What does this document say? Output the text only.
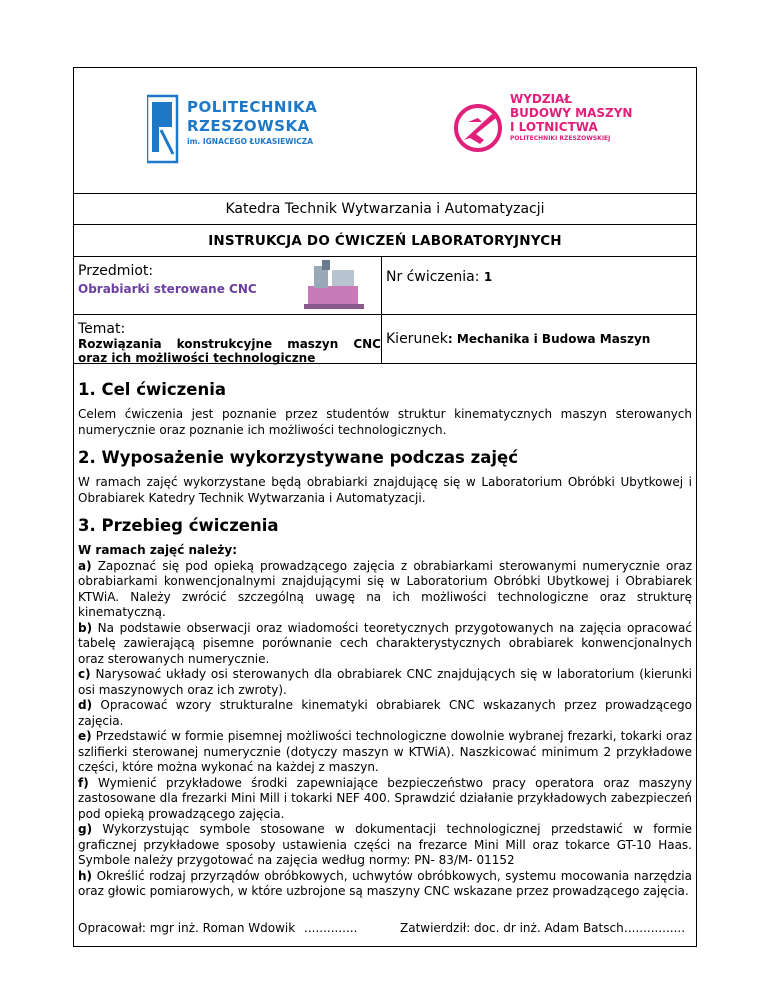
POLITECHNIKA
RZESZOWSKA
im. IGNACEGO ŁUKASIEWICZA
WYDZIAŁ
BUDOWY MASZYN
I LOTNICTWA
POLITECHNIKI RZESZOWSKIEJ
Katedra Technik Wytwarzania i Automatyzacji
INSTRUKCJA DO ĆWICZEŃ LABORATORYJNYCH
Przedmiot:
Obrabiarki sterowane CNC
Nr ćwiczenia: 1
Temat:
Rozwiązania konstrukcyjne maszyn CNC oraz ich możliwości technologiczne
Kierunek: Mechanika i Budowa Maszyn
1. Cel ćwiczenia

Celem ćwiczenia jest poznanie przez studentów struktur kinematycznych maszyn sterowanych numerycznie oraz poznanie ich możliwości technologicznych.

2. Wyposażenie wykorzystywane podczas zajęć

W ramach zajęć wykorzystane będą obrabiarki znajdującę się w Laboratorium Obróbki Ubytkowej i Obrabiarek Katedry Technik Wytwarzania i Automatyzacji.

3. Przebieg ćwiczenia

W ramach zajęć należy:

a) Zapoznać się pod opieką prowadzącego zajęcia z obrabiarkami sterowanymi numerycznie oraz obrabiarkami konwencjonalnymi znajdującymi się w Laboratorium Obróbki Ubytkowej i Obrabiarek KTWiA. Należy zwrócić szczególną uwagę na ich możliwości technologiczne oraz strukturę kinematyczną.

b) Na podstawie obserwacji oraz wiadomości teoretycznych przygotowanych na zajęcia opracować tabelę zawierającą pisemne porównanie cech charakterystycznych obrabiarek konwencjonalnych oraz sterowanych numerycznie.

c) Narysować układy osi sterowanych dla obrabiarek CNC znajdujących się w laboratorium (kierunki osi maszynowych oraz ich zwroty).

d) Opracować wzory strukturalne kinematyki obrabiarek CNC wskazanych przez prowadzącego zajęcia.

e) Przedstawić w formie pisemnej możliwości technologiczne dowolnie wybranej frezarki, tokarki oraz szlifierki sterowanej numerycznie (dotyczy maszyn w KTWiA). Naszkicować minimum 2 przykładowe części, które można wykonać na każdej z maszyn.

f) Wymienić przykładowe środki zapewniające bezpieczeństwo pracy operatora oraz maszyny zastosowane dla frezarki Mini Mill i tokarki NEF 400. Sprawdzić działanie przykładowych zabezpieczeń pod opieką prowadzącego zajęcia.

g) Wykorzystując symbole stosowane w dokumentacji technologicznej przedstawić w formie graficznej przykładowe sposoby ustawienia części na frezarce Mini Mill oraz tokarce GT-10 Haas. Symbole należy przygotować na zajęcia według normy: PN- 83/M- 01152

h) Określić rodzaj przyrządów obróbkowych, uchwytów obróbkowych, systemu mocowania narzędzia oraz głowic pomiarowych, w które uzbrojone są maszyny CNC wskazane przez prowadzącego zajęcia.

Opracował: mgr inż. Roman Wdowik ..............	Zatwierdził: doc. dr inż. Adam Batsch ................
